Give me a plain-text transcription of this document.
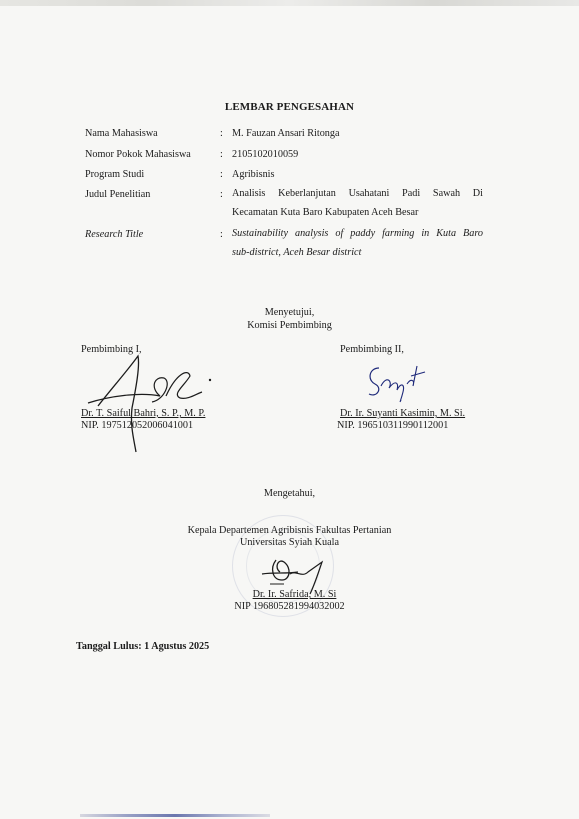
LEMBAR PENGESAHAN
Nama Mahasiswa	: M. Fauzan Ansari Ritonga
Nomor Pokok Mahasiswa	: 2105102010059
Program Studi	: Agribisnis
Judul Penelitian	: Analisis Keberlanjutan Usahatani Padi Sawah Di
Kecamatan Kuta Baro Kabupaten Aceh Besar
Research Title	: Sustainability analysis of paddy farming in Kuta Baro
sub-district, Aceh Besar district
Menyetujui,
Komisi Pembimbing
Pembimbing I,
Dr. T. Saiful Bahri, S. P., M. P.
NIP. 197512052006041001
Pembimbing II,
Dr. Ir. Suyanti Kasimin, M. Si.
NIP. 196510311990112001
Mengetahui,
Kepala Departemen Agribisnis Fakultas Pertanian
Universitas Syiah Kuala
Dr. Ir. Safrida, M. Si
NIP 196805281994032002
Tanggal Lulus: 1 Agustus 2025
